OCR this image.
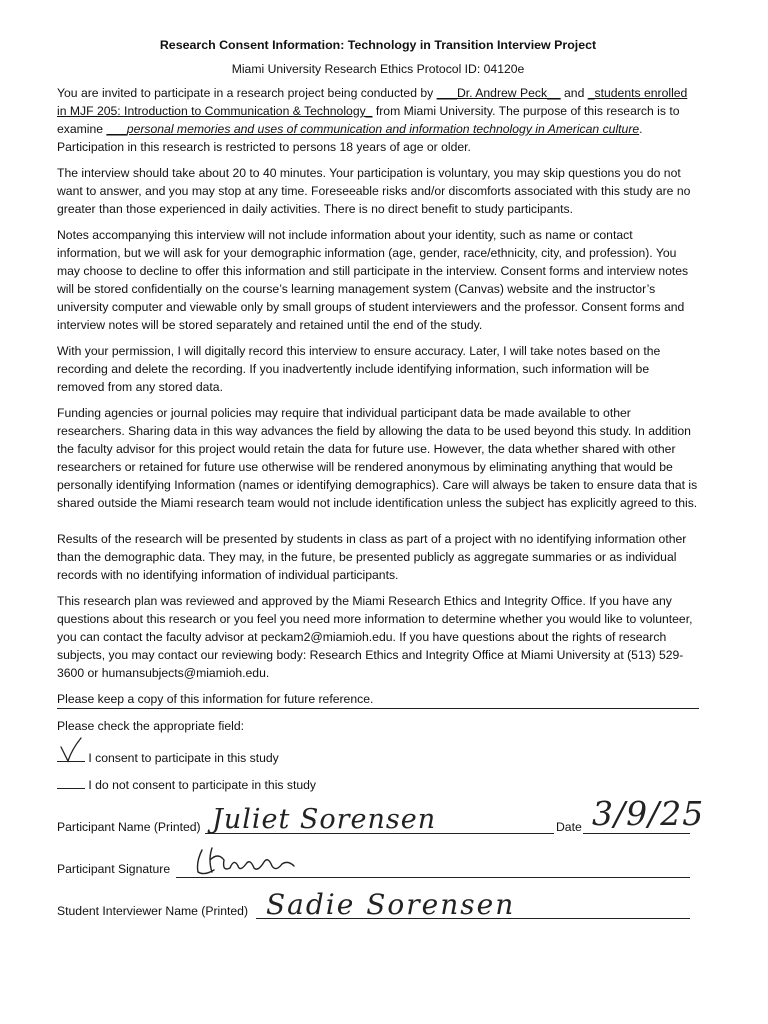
Research Consent Information: Technology in Transition Interview Project
Miami University Research Ethics Protocol ID: 04120e

You are invited to participate in a research project being conducted by ___Dr. Andrew Peck__ and _students enrolled in MJF 205: Introduction to Communication & Technology_ from Miami University. The purpose of this research is to examine ___personal memories and uses of communication and information technology in American culture. Participation in this research is restricted to persons 18 years of age or older.

The interview should take about 20 to 40 minutes. Your participation is voluntary, you may skip questions you do not want to answer, and you may stop at any time. Foreseeable risks and/or discomforts associated with this study are no greater than those experienced in daily activities. There is no direct benefit to study participants.

Notes accompanying this interview will not include information about your identity, such as name or contact information, but we will ask for your demographic information (age, gender, race/ethnicity, city, and profession). You may choose to decline to offer this information and still participate in the interview. Consent forms and interview notes will be stored confidentially on the course’s learning management system (Canvas) website and the instructor’s university computer and viewable only by small groups of student interviewers and the professor. Consent forms and interview notes will be stored separately and retained until the end of the study.

With your permission, I will digitally record this interview to ensure accuracy. Later, I will take notes based on the recording and delete the recording. If you inadvertently include identifying information, such information will be removed from any stored data.

Funding agencies or journal policies may require that individual participant data be made available to other researchers. Sharing data in this way advances the field by allowing the data to be used beyond this study. In addition the faculty advisor for this project would retain the data for future use. However, the data whether shared with other researchers or retained for future use otherwise will be rendered anonymous by eliminating anything that would be personally identifying Information (names or identifying demographics). Care will always be taken to ensure data that is shared outside the Miami research team would not include identification unless the subject has explicitly agreed to this.

Results of the research will be presented by students in class as part of a project with no identifying information other than the demographic data. They may, in the future, be presented publicly as aggregate summaries or as individual records with no identifying information of individual participants.

This research plan was reviewed and approved by the Miami Research Ethics and Integrity Office. If you have any questions about this research or you feel you need more information to determine whether you would like to volunteer, you can contact the faculty advisor at peckam2@miamioh.edu. If you have questions about the rights of research subjects, you may contact our reviewing body: Research Ethics and Integrity Office at Miami University at (513) 529-3600 or humansubjects@miamioh.edu.

Please keep a copy of this information for future reference.

Please check the appropriate field:

I consent to participate in this study
I do not consent to participate in this study
Participant Name (Printed) Juliet Sorensen	Date 3/9/25
Participant Signature
Student Interviewer Name (Printed) Sadie Sorensen
